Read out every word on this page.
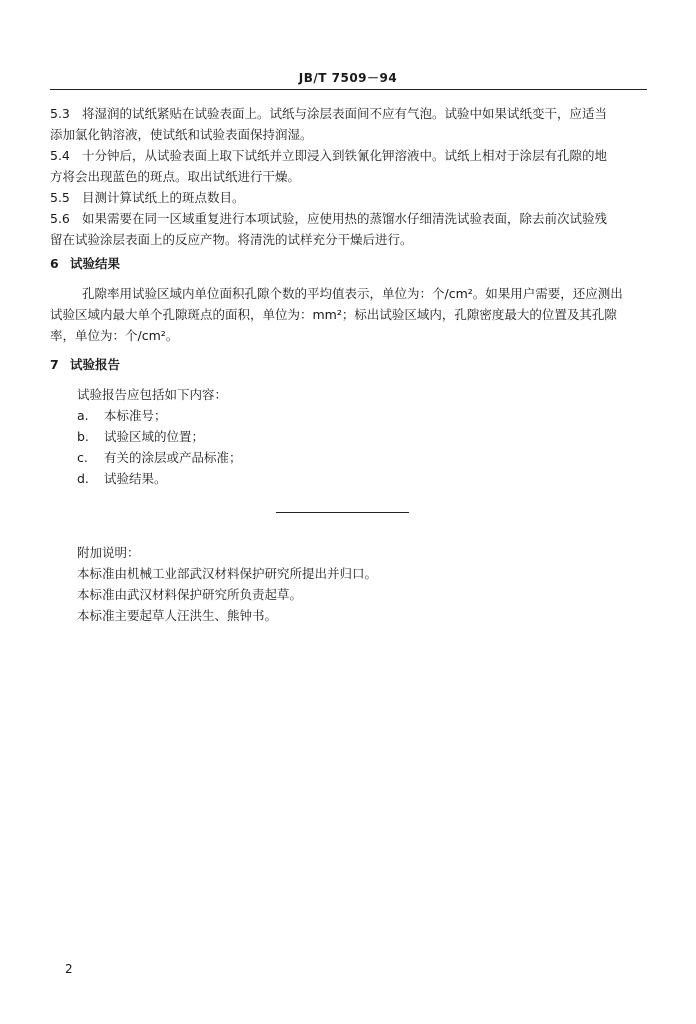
JB/T 7509－94
5.3 将湿润的试纸紧贴在试验表面上。试纸与涂层表面间不应有气泡。试验中如果试纸变干，应适当
添加氯化钠溶液，使试纸和试验表面保持润湿。
5.4 十分钟后，从试验表面上取下试纸并立即浸入到铁氰化钾溶液中。试纸上相对于涂层有孔隙的地
方将会出现蓝色的斑点。取出试纸进行干燥。
5.5 目测计算试纸上的斑点数目。
5.6 如果需要在同一区域重复进行本项试验，应使用热的蒸馏水仔细清洗试验表面，除去前次试验残
留在试验涂层表面上的反应产物。将清洗的试样充分干燥后进行。
6 试验结果
孔隙率用试验区域内单位面积孔隙个数的平均值表示，单位为：个/cm²。如果用户需要，还应测出
试验区域内最大单个孔隙斑点的面积，单位为：mm²；标出试验区域内，孔隙密度最大的位置及其孔隙
率，单位为：个/cm²。
7 试验报告
试验报告应包括如下内容：
a. 本标准号；
b. 试验区域的位置；
c. 有关的涂层或产品标准；
d. 试验结果。
附加说明：
本标准由机械工业部武汉材料保护研究所提出并归口。
本标准由武汉材料保护研究所负责起草。
本标准主要起草人汪洪生、熊钟书。
2
